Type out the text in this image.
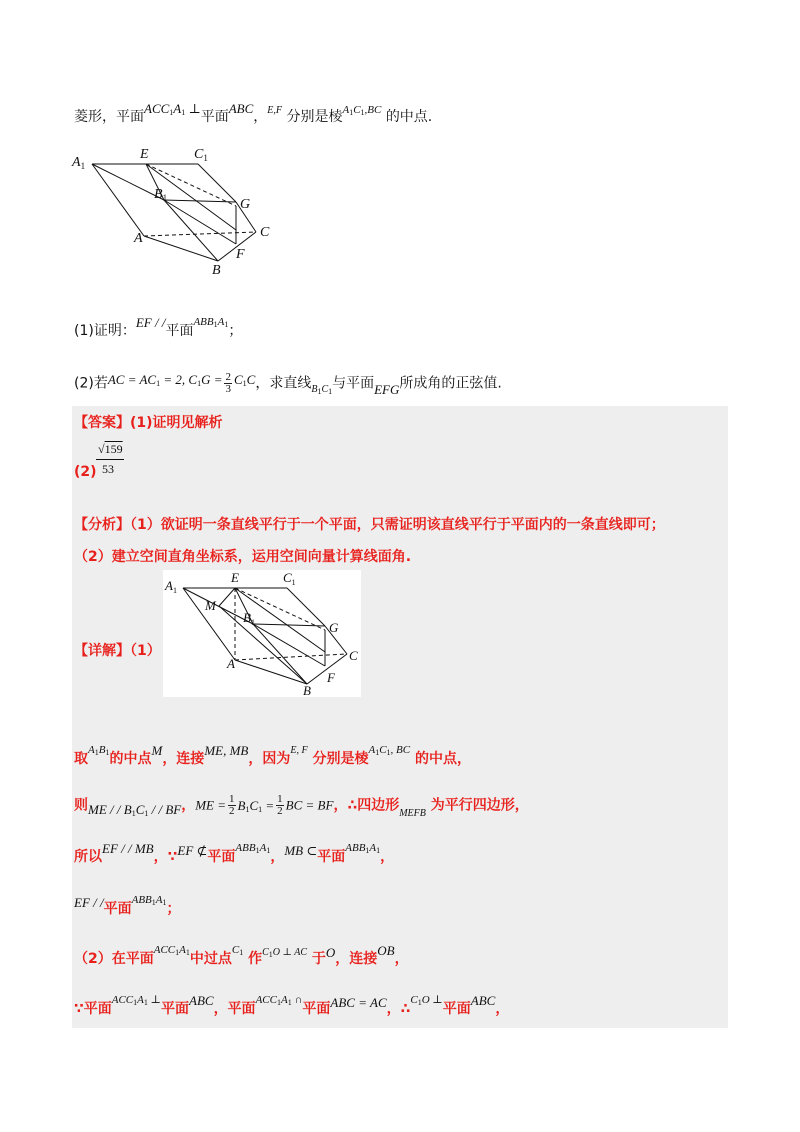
菱形，平面$ACC_1A_1$ ⊥平面ABC，$^{E,F}$ 分别是棱$^{A_1C_1,BC}$ 的中点.
$A_1$
E	$C_1$
$B_1$	G
A	C
B
F
(1)证明：EF / /平面$^{ABB_1A_1}$；
(2)若AC = $AC_1 = 2$, $C_1G = \frac{2}{3} C_1C$，求直线$_{B_1C_1}$与平面EFG所成角的正弦值.
【答案】(1)证明见解析
(2)
√159
53
【分析】（1）欲证明一条直线平行于一个平面，只需证明该直线平行于平面内的一条直线即可；
（2）建立空间直角坐标系，运用空间向量计算线面角.
$A_1$
E	$C_1$
M
$B_1$	G
A
C
B
F
【详解】（1）
取$^{A_1B_1}$的中点M，连接ME, MB，因为$^{E, F}$ 分别是棱$^{A_1C_1, BC}$ 的中点，
则ME / / $B_1C_1$ / / BF，ME = $\frac{1}{2} B_1C_1 = \frac{1}{2}$ BC = BF，∴四边形$_{MEFB}$ 为平行四边形，
所以EF / / MB，∵EF ⊄平面$^{ABB_1A_1}$，MB ⊂平面$^{ABB_1A_1}$，
EF / /平面$^{ABB_1A_1}$；
（2）在平面$^{ACC_1A_1}$中过点$^{C_1}$ 作$^{C_1O \perp AC}$ 于O，连接OB，
∵平面$^{ACC_1A_1 \perp}$平面ABC，平面$^{ACC_1A_1 \cap}$平面ABC = AC，∴$^{C_1O \perp}$平面ABC，
